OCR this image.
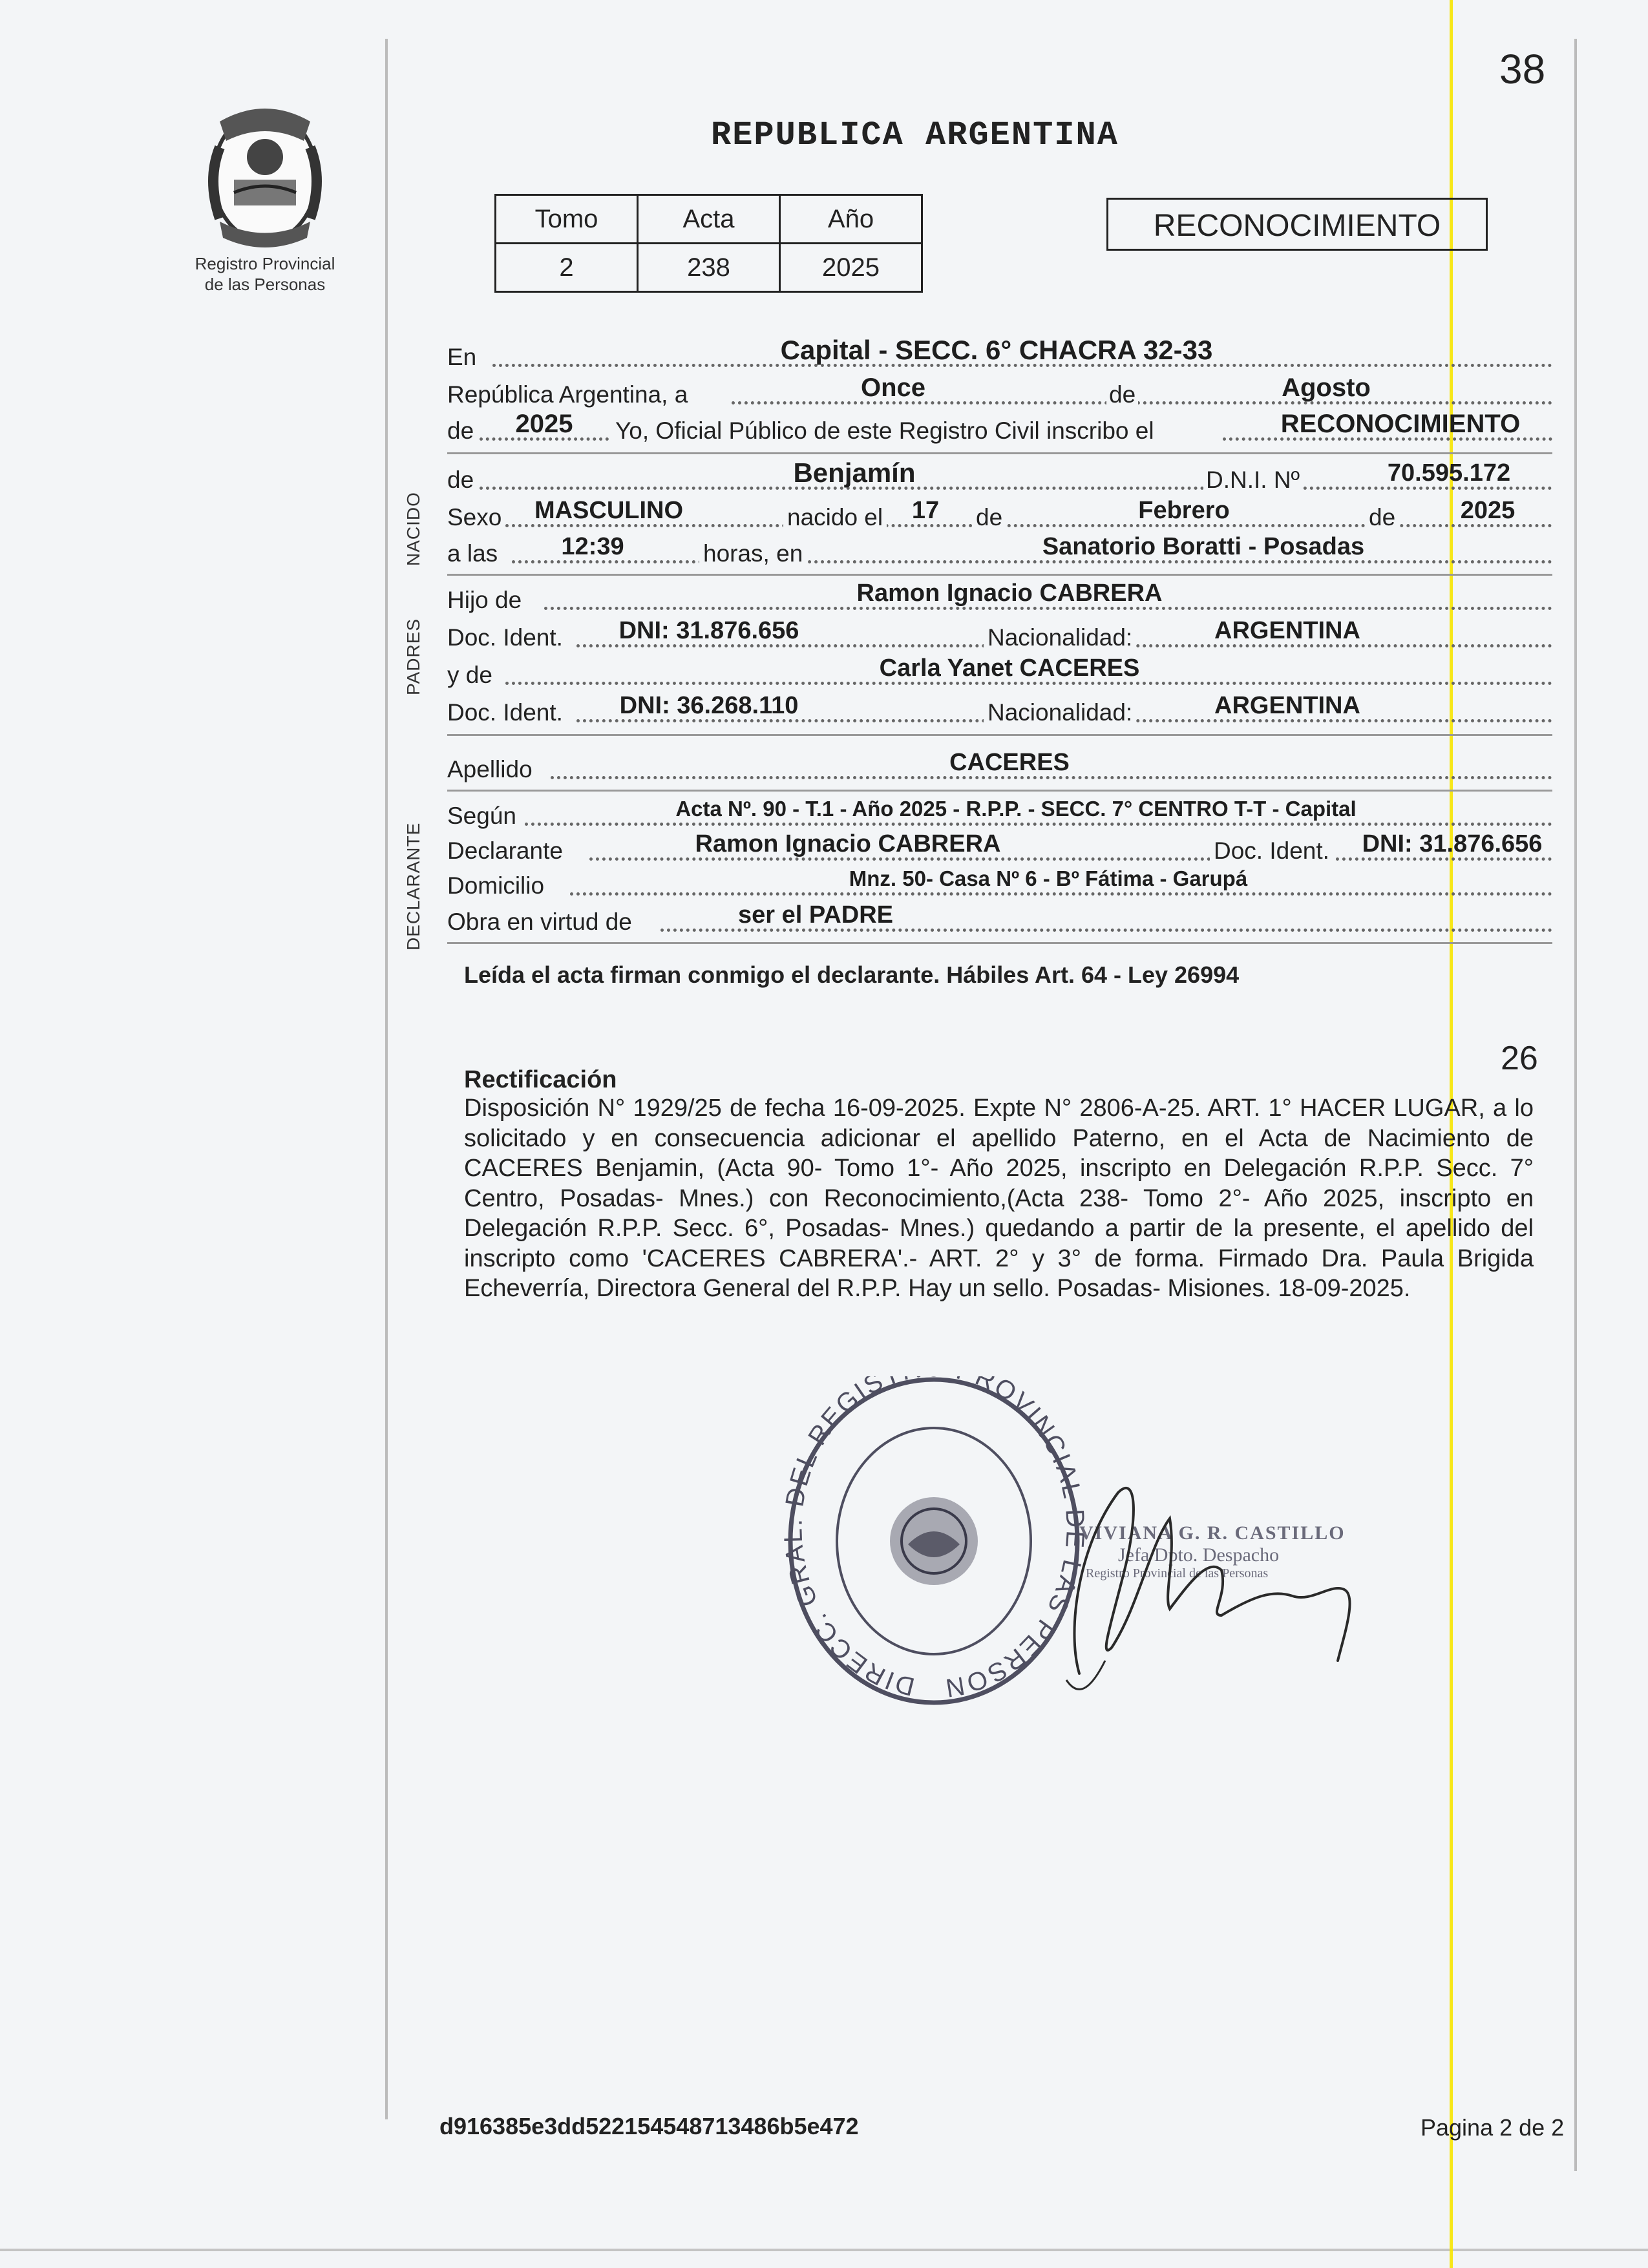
Registro Provincial
de las Personas
38
REPUBLICA ARGENTINA
Tomo	Acta	Año
2	238	2025
RECONOCIMIENTO
En	Capital - SECC. 6° CHACRA 32-33
República Argentina, a	Once	de	Agosto
de	2025	Yo, Oficial Público de este Registro Civil inscribo el	RECONOCIMIENTO
NACIDO
de	Benjamín	D.N.I. Nº	70.595.172
Sexo	MASCULINO	nacido el	17	de	Febrero	de	2025
a las	12:39	horas, en	Sanatorio Boratti - Posadas
PADRES
Hijo de	Ramon Ignacio CABRERA
Doc. Ident.	DNI: 31.876.656	Nacionalidad:	ARGENTINA
y de	Carla Yanet CACERES
Doc. Ident.	DNI: 36.268.110	Nacionalidad:	ARGENTINA
Apellido	CACERES
DECLARANTE
Según	Acta Nº. 90 - T.1 - Año 2025 - R.P.P. - SECC. 7° CENTRO T-T - Capital
Declarante	Ramon Ignacio CABRERA	Doc. Ident.	DNI: 31.876.656
Domicilio	Mnz. 50- Casa Nº 6 - Bº Fátima - Garupá
Obra en virtud de	ser el PADRE
Leída el acta firman conmigo el declarante. Hábiles Art. 64 - Ley 26994
26
Rectificación
Disposición N° 1929/25 de fecha 16-09-2025. Expte N° 2806-A-25. ART. 1° HACER LUGAR, a lo solicitado y en consecuencia adicionar el apellido Paterno, en el Acta de Nacimiento de CACERES Benjamin, (Acta 90- Tomo 1°- Año 2025, inscripto en Delegación R.P.P. Secc. 7° Centro, Posadas- Mnes.) con Reconocimiento,(Acta 238- Tomo 2°- Año 2025, inscripto en Delegación R.P.P. Secc. 6°, Posadas- Mnes.) quedando a partir de la presente, el apellido del inscripto como 'CACERES CABRERA'.- ART. 2° y 3° de forma. Firmado Dra. Paula Brigida Echeverría, Directora General del R.P.P. Hay un sello. Posadas- Misiones. 18-09-2025.
DIRECC. GRAL. DEL REGIS ROVINCIAL DE LAS PERSON
VIVIANA G. R. CASTILLO
Jefa Dpto. Despacho
Registro Provincial de las Personas
d916385e3dd522154548713486b5e472	Pagina 2 de 2
